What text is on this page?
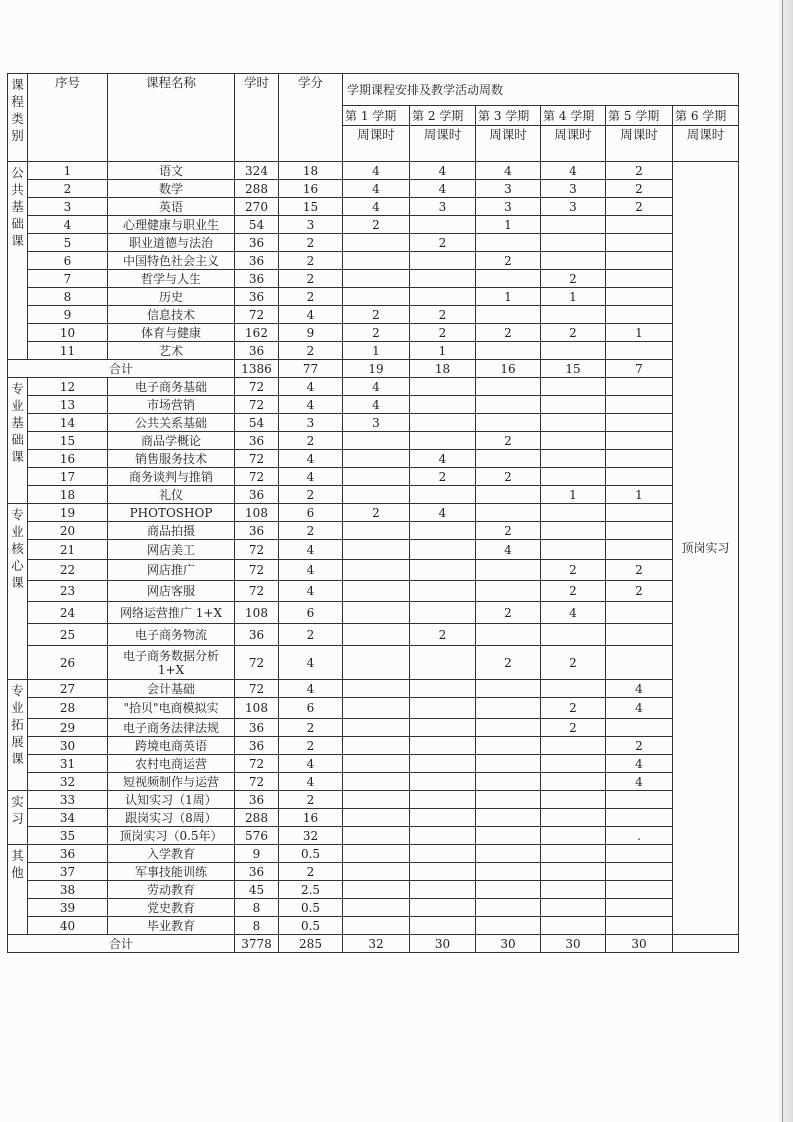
课程类别	序号	课程名称	学时	学分	学期课程安排及教学活动周数					
					第 1 学期	第 2 学期	第 3 学期	第 4 学期	第 5 学期	第 6 学期
					周课时	周课时	周课时	周课时	周课时	周课时

公共基础课	1	语文	324	18	4	4	4	4	2	顶岗实习
	2	数学	288	16	4	4	3	3	2	
	3	英语	270	15	4	3	3	3	2	
	4	心理健康与职业生	54	3	2		1			
	5	职业道德与法治	36	2		2				
	6	中国特色社会主义	36	2			2			
	7	哲学与人生	36	2				2		
	8	历史	36	2			1	1		
	9	信息技术	72	4	2	2				
	10	体育与健康	162	9	2	2	2	2	1	
	11	艺术	36	2	1	1				
合计			1386	77	19	18	16	15	7	

专业基础课	12	电子商务基础	72	4	4					
	13	市场营销	72	4	4					
	14	公共关系基础	54	3	3					
	15	商品学概论	36	2			2			
	16	销售服务技术	72	4		4				
	17	商务谈判与推销	72	4		2	2			
	18	礼仪	36	2				1	1	

专业核心课	19	PHOTOSHOP	108	6	2	4				
	20	商品拍摄	36	2			2			
	21	网店美工	72	4			4			
	22	网店推广	72	4				2	2	
	23	网店客服	72	4				2	2	
	24	网络运营推广 1+X	108	6			2	4		
	25	电子商务物流	36	2		2				
	26	电子商务数据分析 1+X	72	4			2	2		

专业拓展课	27	会计基础	72	4					4	
	28	"拾贝"电商模拟实	108	6				2	4	
	29	电子商务法律法规	36	2				2		
	30	跨境电商英语	36	2					2	
	31	农村电商运营	72	4					4	
	32	短视频制作与运营	72	4					4	

实习	33	认知实习（1周）	36	2						
	34	跟岗实习（8周）	288	16						
	35	顶岗实习（0.5年）	576	32					.	

其他	36	入学教育	9	0.5						
	37	军事技能训练	36	2						
	38	劳动教育	45	2.5						
	39	党史教育	8	0.5						
	40	毕业教育	8	0.5						
合计			3778	285	32	30	30	30	30	
